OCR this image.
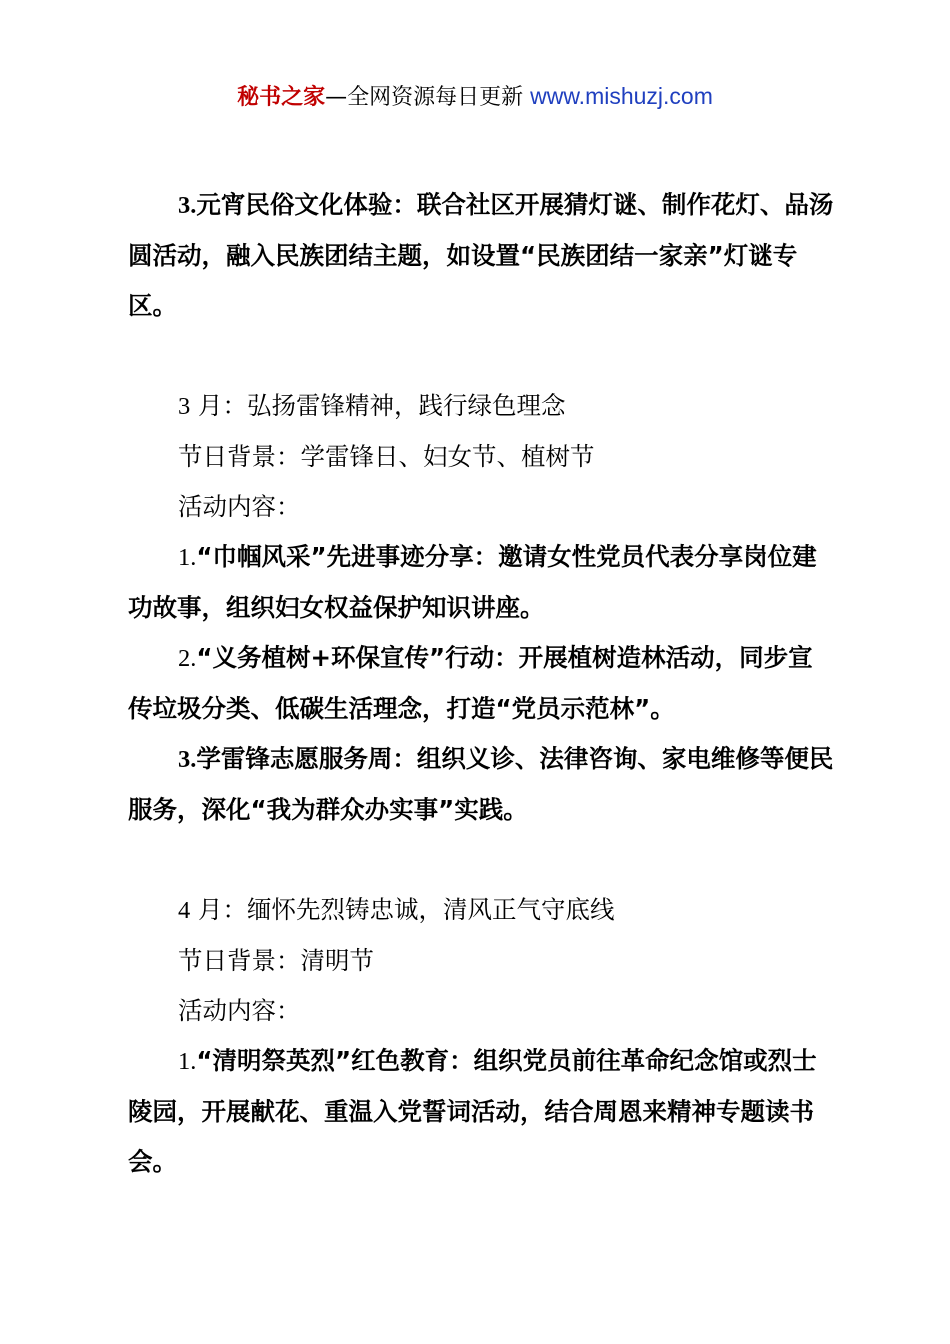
秘书之家—全网资源每日更新 www.mishuzj.com

3.元宵民俗文化体验：联合社区开展猜灯谜、制作花灯、品汤圆活动，融入民族团结主题，如设置“民族团结一家亲”灯谜专区。

3 月：弘扬雷锋精神，践行绿色理念

节日背景：学雷锋日、妇女节、植树节

活动内容：

1.“巾帼风采”先进事迹分享：邀请女性党员代表分享岗位建功故事，组织妇女权益保护知识讲座。

2.“义务植树+环保宣传”行动：开展植树造林活动，同步宣传垃圾分类、低碳生活理念，打造“党员示范林”。

3.学雷锋志愿服务周：组织义诊、法律咨询、家电维修等便民服务，深化“我为群众办实事”实践。

4 月：缅怀先烈铸忠诚，清风正气守底线

节日背景：清明节

活动内容：

1.“清明祭英烈”红色教育：组织党员前往革命纪念馆或烈士陵园，开展献花、重温入党誓词活动，结合周恩来精神专题读书会。
